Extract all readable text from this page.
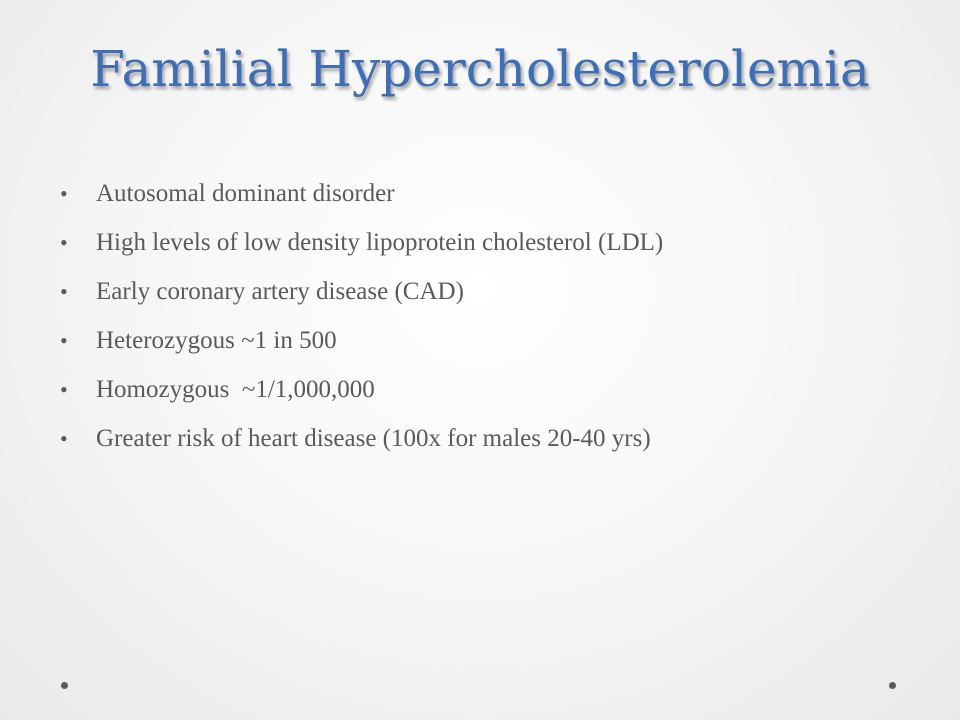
Familial Hypercholesterolemia
•	Autosomal dominant disorder
•	High levels of low density lipoprotein cholesterol (LDL)
•	Early coronary artery disease (CAD)
•	Heterozygous ~1 in 500
•	Homozygous  ~1/1,000,000
•	Greater risk of heart disease (100x for males 20-40 yrs)
